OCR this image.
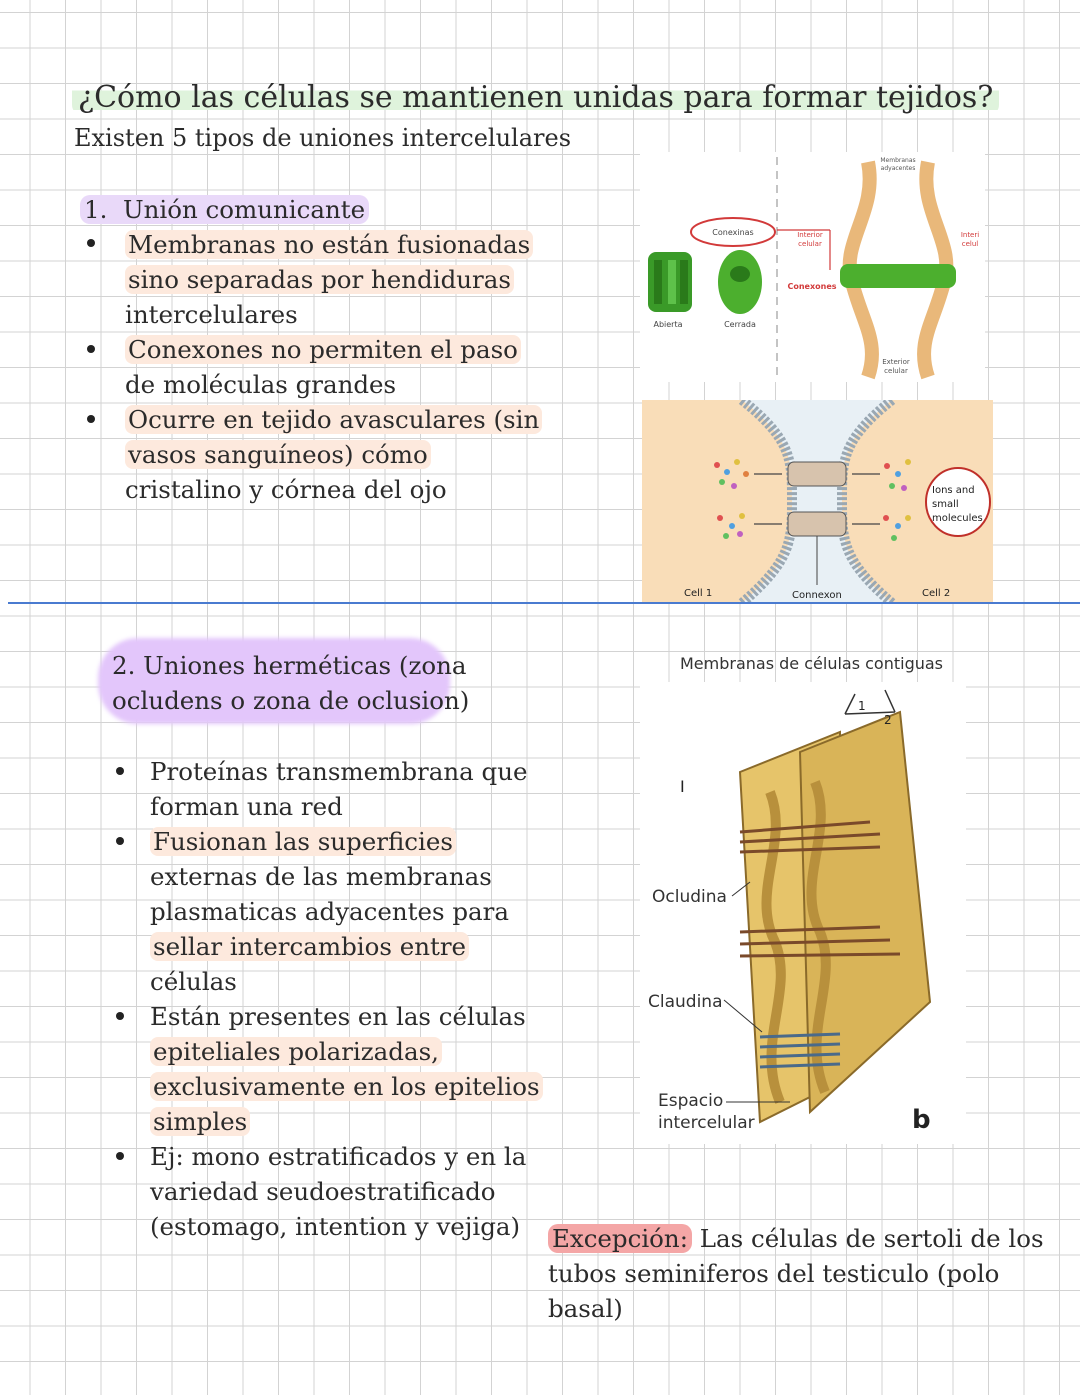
¿Cómo las células se mantienen unidas para formar tejidos?
Existen 5 tipos de uniones intercelulares
1. Unión comunicante
Membranas no están fusionadas
sino separadas por hendiduras
intercelulares
Conexones no permiten el paso
de moléculas grandes
Ocurre en tejido avasculares (sin
vasos sanguíneos) cómo
cristalino y córnea del ojo
Conexinas
Abierta	Cerrada
Membranas
adyacentes
Interior
celular
Interi
celul
Conexones
Exterior
celular
Ions and
small
molecules
Cell 1	Connexon	Cell 2
2. Uniones herméticas (zona
ocludens o zona de oclusion)
Proteínas transmembrana que
forman una red
Fusionan las superficies
externas de las membranas
plasmaticas adyacentes para
sellar intercambios entre
células
Están presentes en las células
epiteliales polarizadas,
exclusivamente en los epitelios
simples
Ej: mono estratificados y en la
variedad seudoestratificado
(estomago, intention y vejiga)
Membranas de células contiguas
1
2
I
Ocludina
Claudina
Espacio
intercelular	b
Excepción: Las células de sertoli de los
tubos seminiferos del testiculo (polo
basal)
